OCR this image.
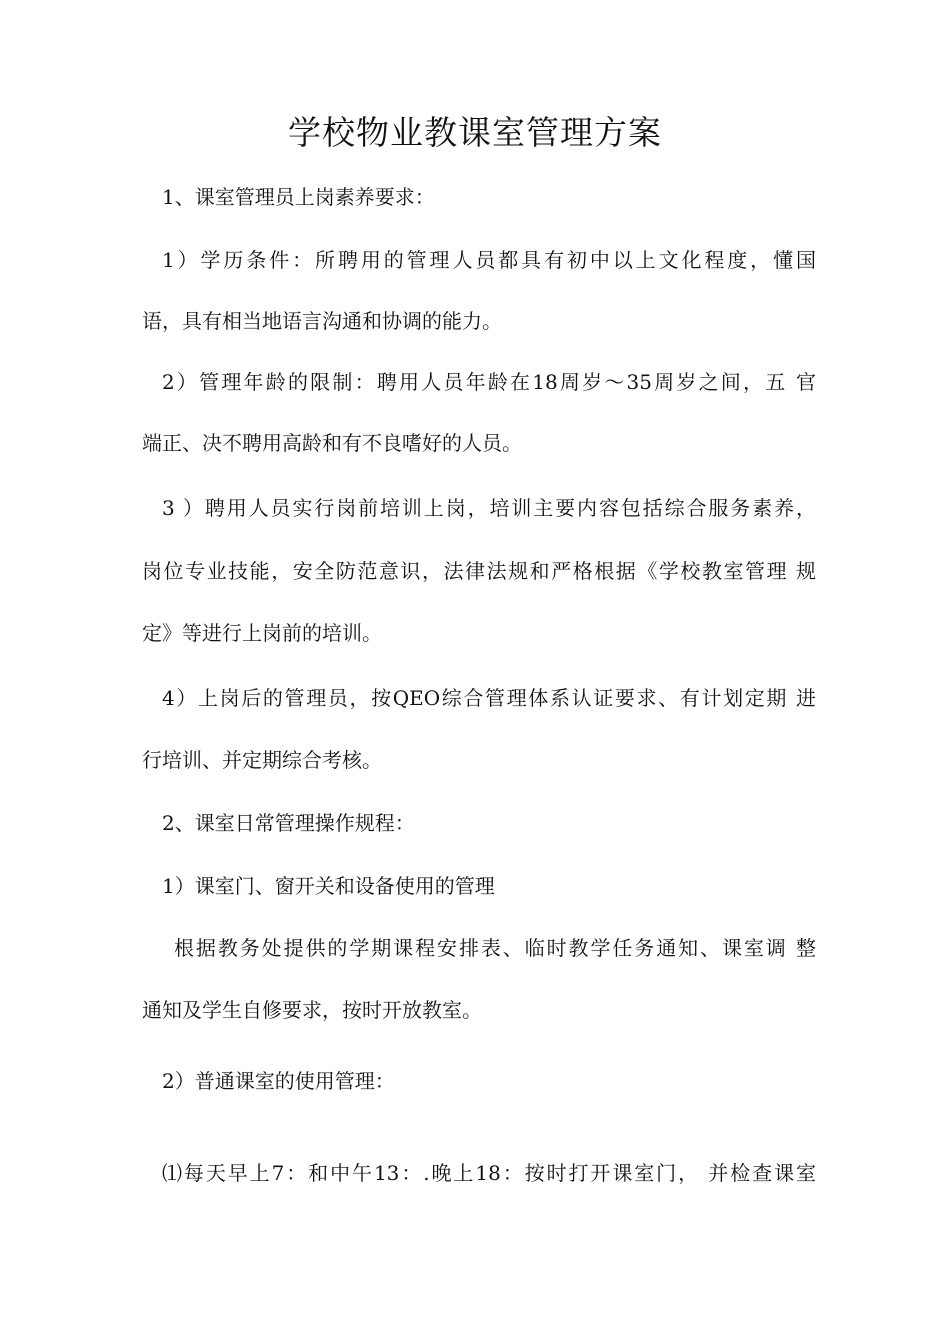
学校物业教课室管理方案
1、课室管理员上岗素养要求：
1）学历条件：所聘用的管理人员都具有初中以上文化程度，懂国
语，具有相当地语言沟通和协调的能力。
2）管理年龄的限制：聘用人员年龄在18周岁〜35周岁之间，五 官
端正、决不聘用高龄和有不良嗜好的人员。
3 ）聘用人员实行岗前培训上岗，培训主要内容包括综合服务素养，
岗位专业技能，安全防范意识，法律法规和严格根据《学校教室管理 规
定》等进行上岗前的培训。
4）上岗后的管理员，按QEO综合管理体系认证要求、有计划定期 进
行培训、并定期综合考核。
2、课室日常管理操作规程：
1）课室门、窗开关和设备使用的管理
根据教务处提供的学期课程安排表、临时教学任务通知、课室调 整
通知及学生自修要求，按时开放教室。
2）普通课室的使用管理：
⑴每天早上7：和中午13：.晚上18：按时打开课室门， 并检查课室
